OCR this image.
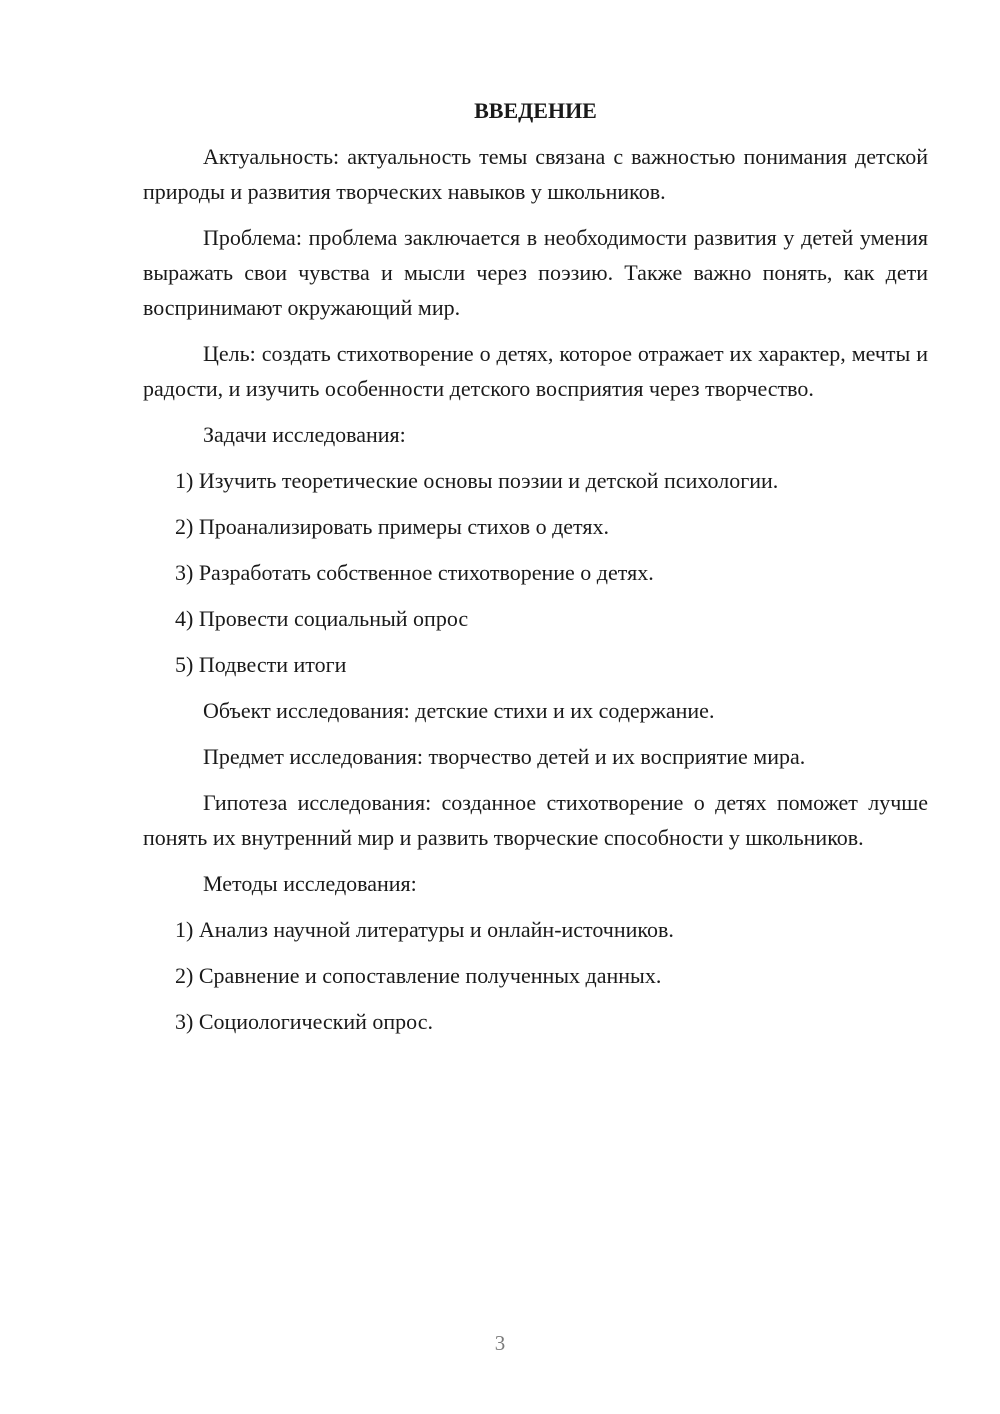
ВВЕДЕНИЕ

Актуальность: актуальность темы связана с важностью понимания детской природы и развития творческих навыков у школьников.

Проблема: проблема заключается в необходимости развития у детей умения выражать свои чувства и мысли через поэзию. Также важно понять, как дети воспринимают окружающий мир.

Цель: создать стихотворение о детях, которое отражает их характер, мечты и радости, и изучить особенности детского восприятия через творчество.

Задачи исследования:

1) Изучить теоретические основы поэзии и детской психологии.
2) Проанализировать примеры стихов о детях.
3) Разработать собственное стихотворение о детях.
4) Провести социальный опрос
5) Подвести итоги

Объект исследования: детские стихи и их содержание.

Предмет исследования: творчество детей и их восприятие мира.

Гипотеза исследования: созданное стихотворение о детях поможет лучше понять их внутренний мир и развить творческие способности у школьников.

Методы исследования:

1) Анализ научной литературы и онлайн-источников.
2) Сравнение и сопоставление полученных данных.
3) Социологический опрос.
3
